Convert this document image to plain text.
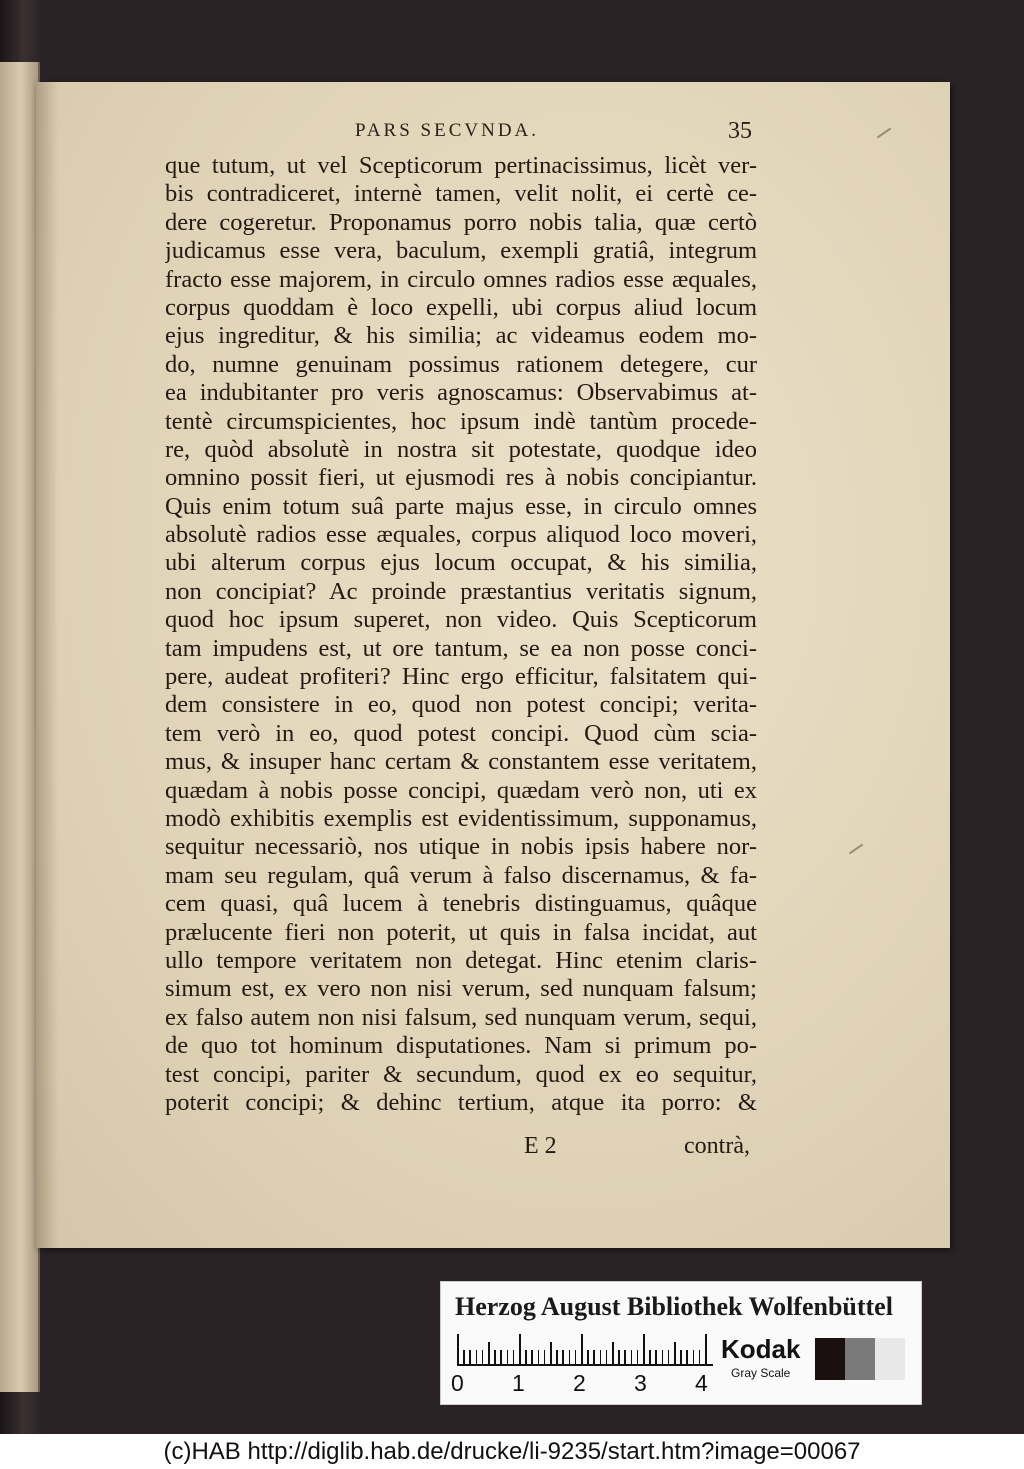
PARS SECVNDA.	35
que tutum, ut vel Scepticorum pertinacissimus, licèt ver-
bis contradiceret, internè tamen, velit nolit, ei certè ce-
dere cogeretur. Proponamus porro nobis talia, quæ certò
judicamus esse vera, baculum, exempli gratiâ, integrum
fracto esse majorem, in circulo omnes radios esse æquales,
corpus quoddam è loco expelli, ubi corpus aliud locum
ejus ingreditur, & his similia; ac videamus eodem mo-
do, numne genuinam possimus rationem detegere, cur
ea indubitanter pro veris agnoscamus: Observabimus at-
tentè circumspicientes, hoc ipsum indè tantùm procede-
re, quòd absolutè in nostra sit potestate, quodque ideo
omnino possit fieri, ut ejusmodi res à nobis concipiantur.
Quis enim totum suâ parte majus esse, in circulo omnes
absolutè radios esse æquales, corpus aliquod loco moveri,
ubi alterum corpus ejus locum occupat, & his similia,
non concipiat? Ac proinde præstantius veritatis signum,
quod hoc ipsum superet, non video. Quis Scepticorum
tam impudens est, ut ore tantum, se ea non posse conci-
pere, audeat profiteri? Hinc ergo efficitur, falsitatem qui-
dem consistere in eo, quod non potest concipi; verita-
tem verò in eo, quod potest concipi. Quod cùm scia-
mus, & insuper hanc certam & constantem esse veritatem,
quædam à nobis posse concipi, quædam verò non, uti ex
modò exhibitis exemplis est evidentissimum, supponamus,
sequitur necessariò, nos utique in nobis ipsis habere nor-
mam seu regulam, quâ verum à falso discernamus, & fa-
cem quasi, quâ lucem à tenebris distinguamus, quâque
prælucente fieri non poterit, ut quis in falsa incidat, aut
ullo tempore veritatem non detegat. Hinc etenim claris-
simum est, ex vero non nisi verum, sed nunquam falsum;
ex falso autem non nisi falsum, sed nunquam verum, sequi,
de quo tot hominum disputationes. Nam si primum po-
test concipi, pariter & secundum, quod ex eo sequitur,
poterit concipi; & dehinc tertium, atque ita porro: &
E 2	contrà,
Herzog August Bibliothek Wolfenbüttel
0 1 2 3 4
Kodak
Gray Scale
(c)HAB http://diglib.hab.de/drucke/li-9235/start.htm?image=00067
